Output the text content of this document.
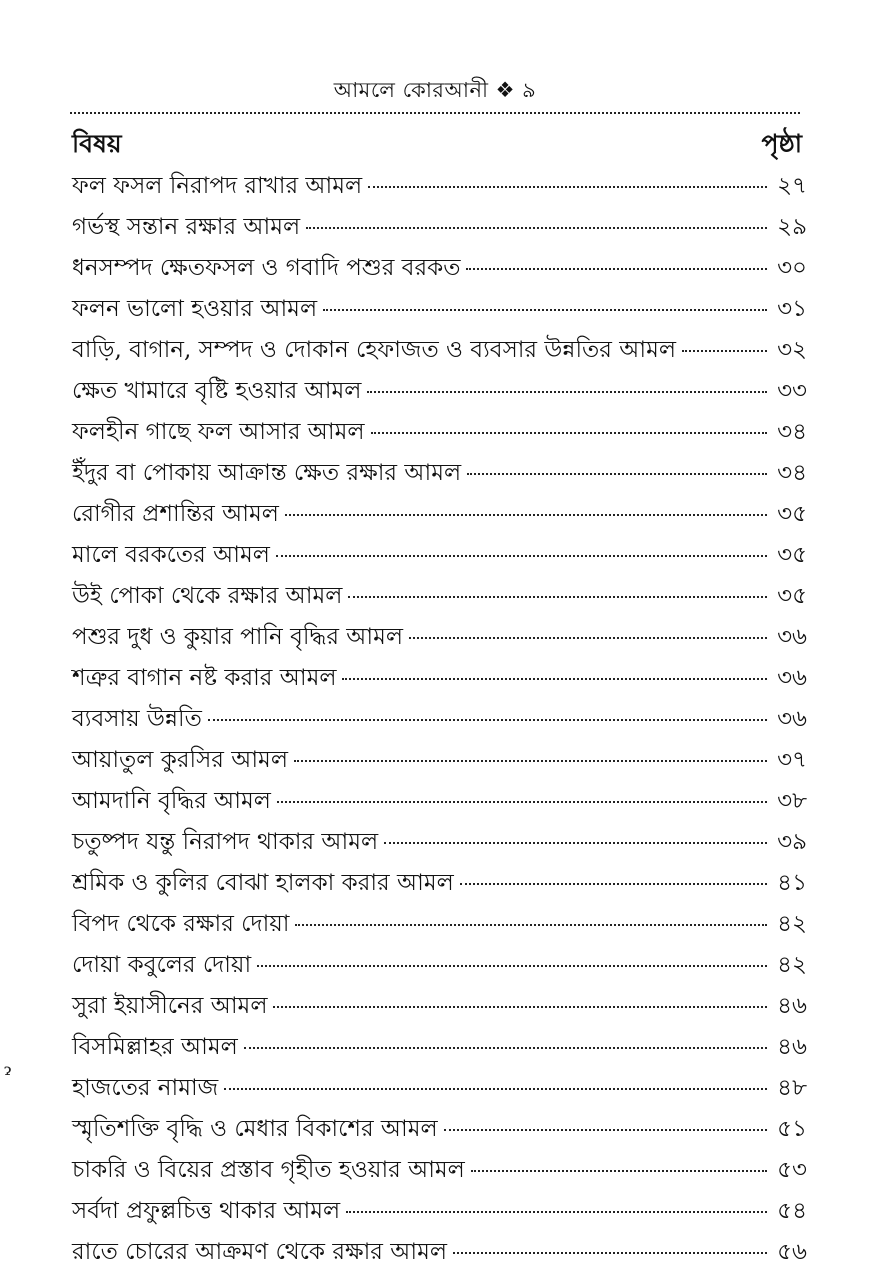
আমলে কোরআনী ❖ ৯
বিষয়	পৃষ্ঠা
ফল ফসল নিরাপদ রাখার আমল	২৭
গর্ভস্থ সন্তান রক্ষার আমল	২৯
ধনসম্পদ ক্ষেতফসল ও গবাদি পশুর বরকত	৩০
ফলন ভালো হওয়ার আমল	৩১
বাড়ি, বাগান, সম্পদ ও দোকান হেফাজত ও ব্যবসার উন্নতির আমল	৩২
ক্ষেত খামারে বৃষ্টি হওয়ার আমল	৩৩
ফলহীন গাছে ফল আসার আমল	৩৪
ইঁদুর বা পোকায় আক্রান্ত ক্ষেত রক্ষার আমল	৩৪
রোগীর প্রশান্তির আমল	৩৫
মালে বরকতের আমল	৩৫
উই পোকা থেকে রক্ষার আমল	৩৫
পশুর দুধ ও কুয়ার পানি বৃদ্ধির আমল	৩৬
শত্রুর বাগান নষ্ট করার আমল	৩৬
ব্যবসায় উন্নতি	৩৬
আয়াতুল কুরসির আমল	৩৭
আমদানি বৃদ্ধির আমল	৩৮
চতুষ্পদ যন্তু নিরাপদ থাকার আমল	৩৯
শ্রমিক ও কুলির বোঝা হালকা করার আমল	৪১
বিপদ থেকে রক্ষার দোয়া	৪২
দোয়া কবুলের দোয়া	৪২
সুরা ইয়াসীনের আমল	৪৬
বিসমিল্লাহর আমল	৪৬
হাজতের নামাজ	৪৮
স্মৃতিশক্তি বৃদ্ধি ও মেধার বিকাশের আমল	৫১
চাকরি ও বিয়ের প্রস্তাব গৃহীত হওয়ার আমল	৫৩
সর্বদা প্রফুল্লচিত্ত থাকার আমল	৫৪
রাতে চোরের আক্রমণ থেকে রক্ষার আমল	৫৬
ɂ
